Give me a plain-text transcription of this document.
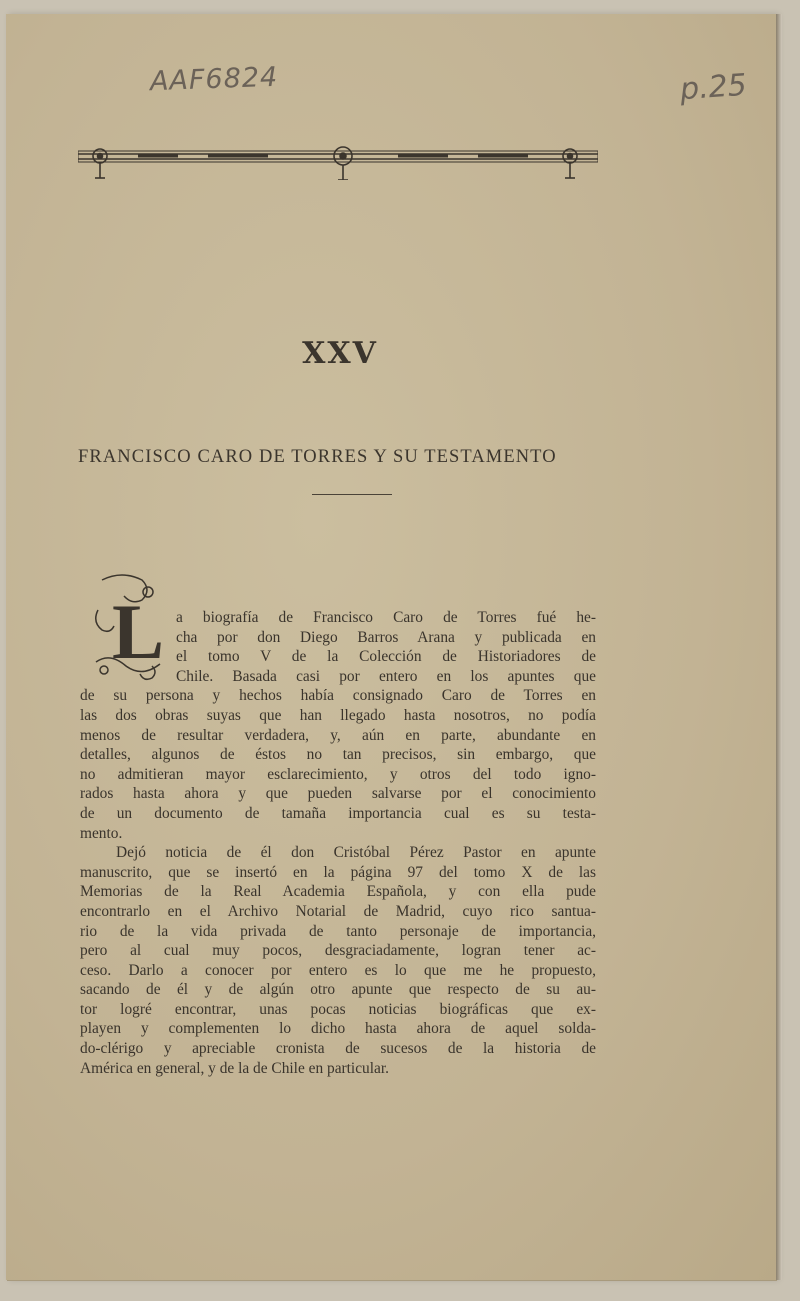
AAF6824	p.25
XXV
FRANCISCO CARO DE TORRES Y SU TESTAMENTO
L a biografía de Francisco Caro de Torres fué he-
cha por don Diego Barros Arana y publicada en
el tomo V de la Colección de Historiadores de
Chile. Basada casi por entero en los apuntes que
de su persona y hechos había consignado Caro de Torres en
las dos obras suyas que han llegado hasta nosotros, no podía
menos de resultar verdadera, y, aún en parte, abundante en
detalles, algunos de éstos no tan precisos, sin embargo, que
no admitieran mayor esclarecimiento, y otros del todo igno-
rados hasta ahora y que pueden salvarse por el conocimiento
de un documento de tamaña importancia cual es su testa-
mento.
Dejó noticia de él don Cristóbal Pérez Pastor en apunte
manuscrito, que se insertó en la página 97 del tomo X de las
Memorias de la Real Academia Española, y con ella pude
encontrarlo en el Archivo Notarial de Madrid, cuyo rico santua-
rio de la vida privada de tanto personaje de importancia,
pero al cual muy pocos, desgraciadamente, logran tener ac-
ceso. Darlo a conocer por entero es lo que me he propuesto,
sacando de él y de algún otro apunte que respecto de su au-
tor logré encontrar, unas pocas noticias biográficas que ex-
playen y complementen lo dicho hasta ahora de aquel solda-
do-clérigo y apreciable cronista de sucesos de la historia de
América en general, y de la de Chile en particular.
